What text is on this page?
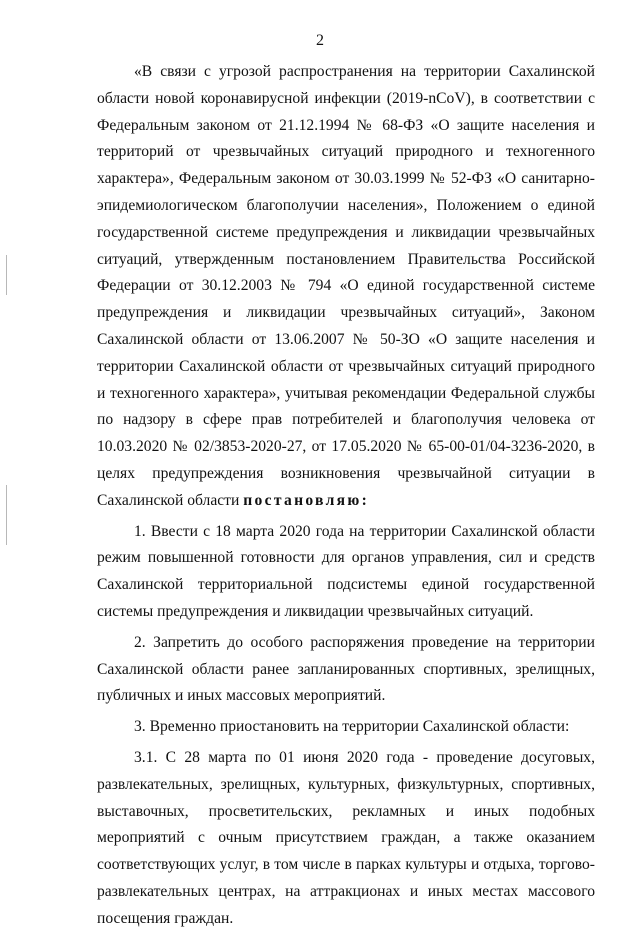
2

«В связи с угрозой распространения на территории Сахалинской области новой коронавирусной инфекции (2019-nCoV), в соответствии с Федеральным законом от 21.12.1994 № 68-ФЗ «О защите населения и территорий от чрезвычайных ситуаций природного и техногенного характера», Федеральным законом от 30.03.1999 № 52-ФЗ «О санитарно-эпидемиологическом благополучии населения», Положением о единой государственной системе предупреждения и ликвидации чрезвычайных ситуаций, утвержденным постановлением Правительства Российской Федерации от 30.12.2003 № 794 «О единой государственной системе предупреждения и ликвидации чрезвычайных ситуаций», Законом Сахалинской области от 13.06.2007 № 50-ЗО «О защите населения и территории Сахалинской области от чрезвычайных ситуаций природного и техногенного характера», учитывая рекомендации Федеральной службы по надзору в сфере прав потребителей и благополучия человека от 10.03.2020 № 02/3853-2020-27, от 17.05.2020 № 65-00-01/04-3236-2020, в целях предупреждения возникновения чрезвычайной ситуации в Сахалинской области постановляю:

1. Ввести с 18 марта 2020 года на территории Сахалинской области режим повышенной готовности для органов управления, сил и средств Сахалинской территориальной подсистемы единой государственной системы предупреждения и ликвидации чрезвычайных ситуаций.

2. Запретить до особого распоряжения проведение на территории Сахалинской области ранее запланированных спортивных, зрелищных, публичных и иных массовых мероприятий.

3. Временно приостановить на территории Сахалинской области:

3.1. С 28 марта по 01 июня 2020 года - проведение досуговых, развлекательных, зрелищных, культурных, физкультурных, спортивных, выставочных, просветительских, рекламных и иных подобных мероприятий с очным присутствием граждан, а также оказанием соответствующих услуг, в том числе в парках культуры и отдыха, торгово-развлекательных центрах, на аттракционах и иных местах массового посещения граждан.
